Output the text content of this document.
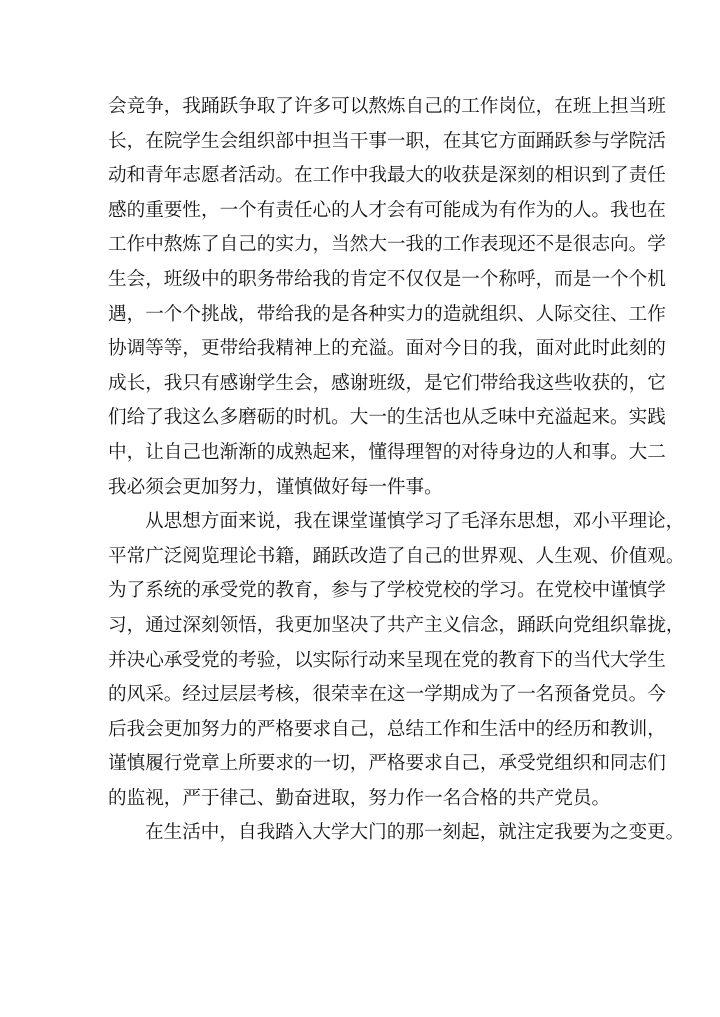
会竞争，我踊跃争取了许多可以熬炼自己的工作岗位，在班上担当班
长，在院学生会组织部中担当干事一职，在其它方面踊跃参与学院活
动和青年志愿者活动。在工作中我最大的收获是深刻的相识到了责任
感的重要性，一个有责任心的人才会有可能成为有作为的人。我也在
工作中熬炼了自己的实力，当然大一我的工作表现还不是很志向。学
生会，班级中的职务带给我的肯定不仅仅是一个称呼，而是一个个机
遇，一个个挑战，带给我的是各种实力的造就组织、人际交往、工作
协调等等，更带给我精神上的充溢。面对今日的我，面对此时此刻的
成长，我只有感谢学生会，感谢班级，是它们带给我这些收获的，它
们给了我这么多磨砺的时机。大一的生活也从乏味中充溢起来。实践
中，让自己也渐渐的成熟起来，懂得理智的对待身边的人和事。大二
我必须会更加努力，谨慎做好每一件事。
从思想方面来说，我在课堂谨慎学习了毛泽东思想，邓小平理论，
平常广泛阅览理论书籍，踊跃改造了自己的世界观、人生观、价值观。
为了系统的承受党的教育，参与了学校党校的学习。在党校中谨慎学
习，通过深刻领悟，我更加坚决了共产主义信念，踊跃向党组织靠拢，
并决心承受党的考验，以实际行动来呈现在党的教育下的当代大学生
的风采。经过层层考核，很荣幸在这一学期成为了一名预备党员。今
后我会更加努力的严格要求自己，总结工作和生活中的经历和教训，
谨慎履行党章上所要求的一切，严格要求自己，承受党组织和同志们
的监视，严于律己、勤奋进取，努力作一名合格的共产党员。
在生活中，自我踏入大学大门的那一刻起，就注定我要为之变更。
